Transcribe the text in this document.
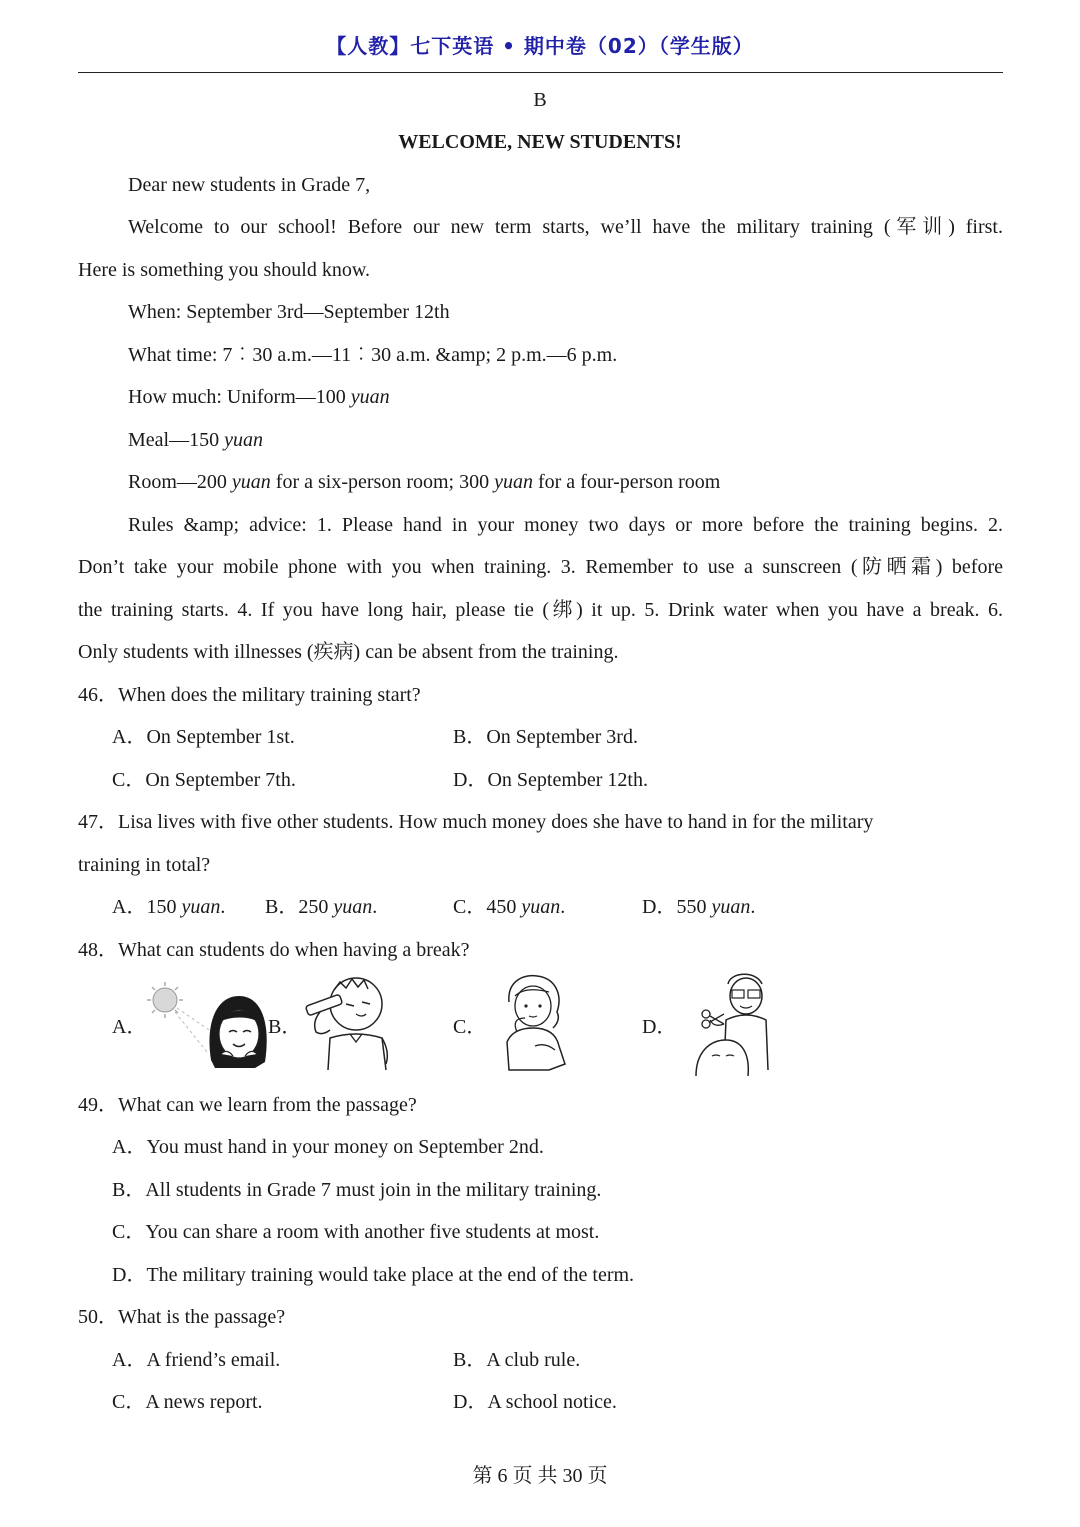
【人教】七下英语 • 期中卷（02）（学生版）
B
WELCOME, NEW STUDENTS!
Dear new students in Grade 7,
Welcome to our school! Before our new term starts, we’ll have the military training (军训) first.
Here is something you should know.
When: September 3rd—September 12th
What time: 7︰30 a.m.—11︰30 a.m. &amp; 2 p.m.—6 p.m.
How much: Uniform—100 yuan
Meal—150 yuan
Room—200 yuan for a six-person room; 300 yuan for a four-person room
Rules &amp; advice: 1. Please hand in your money two days or more before the training begins. 2.
Don’t take your mobile phone with you when training. 3. Remember to use a sunscreen (防晒霜) before
the training starts. 4. If you have long hair, please tie (绑) it up. 5. Drink water when you have a break. 6.
Only students with illnesses (疾病) can be absent from the training.
46．When does the military training start?
A．On September 1st.	B．On September 3rd.
C．On September 7th.	D．On September 12th.
47．Lisa lives with five other students. How much money does she have to hand in for the military
training in total?
A．150 yuan. B．250 yuan.	C．450 yuan.	D．550 yuan.
48．What can students do when having a break?
A．	B．	C．	D．
49．What can we learn from the passage?
A．You must hand in your money on September 2nd.
B．All students in Grade 7 must join in the military training.
C．You can share a room with another five students at most.
D．The military training would take place at the end of the term.
50．What is the passage?
A．A friend’s email.	B．A club rule.
C．A news report.	D．A school notice.
第 6 页 共 30 页
